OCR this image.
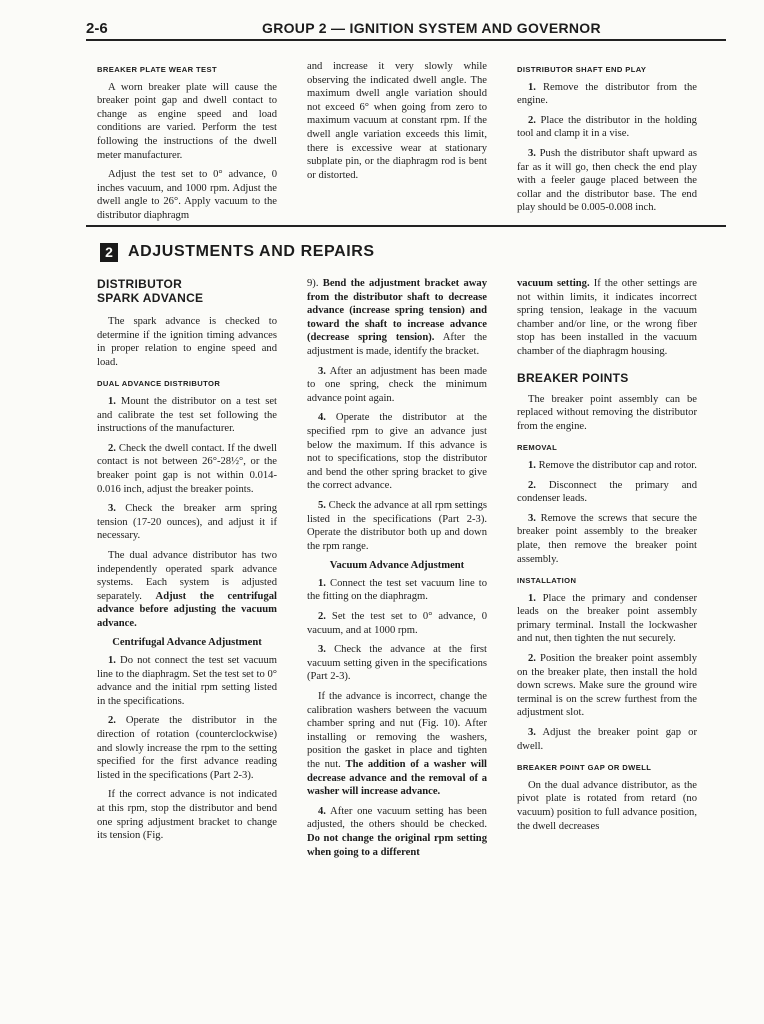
2-6	GROUP 2 — IGNITION SYSTEM AND GOVERNOR
BREAKER PLATE WEAR TEST

A worn breaker plate will cause the breaker point gap and dwell contact to change as engine speed and load conditions are varied. Perform the test following the instructions of the dwell meter manufacturer.

Adjust the test set to 0° advance, 0 inches vacuum, and 1000 rpm. Adjust the dwell angle to 26°. Apply vacuum to the distributor diaphragm

and increase it very slowly while observing the indicated dwell angle. The maximum dwell angle variation should not exceed 6° when going from zero to maximum vacuum at constant rpm. If the dwell angle variation exceeds this limit, there is excessive wear at stationary subplate pin, or the diaphragm rod is bent or distorted.

DISTRIBUTOR SHAFT END PLAY

1. Remove the distributor from the engine.

2. Place the distributor in the holding tool and clamp it in a vise.

3. Push the distributor shaft upward as far as it will go, then check the end play with a feeler gauge placed between the collar and the distributor base. The end play should be 0.005-0.008 inch.

2 ADJUSTMENTS AND REPAIRS
DISTRIBUTOR
SPARK ADVANCE

The spark advance is checked to determine if the ignition timing advances in proper relation to engine speed and load.

DUAL ADVANCE DISTRIBUTOR

1. Mount the distributor on a test set and calibrate the test set following the instructions of the manufacturer.

2. Check the dwell contact. If the dwell contact is not between 26°-28½°, or the breaker point gap is not within 0.014-0.016 inch, adjust the breaker points.

3. Check the breaker arm spring tension (17-20 ounces), and adjust it if necessary.

The dual advance distributor has two independently operated spark advance systems. Each system is adjusted separately. Adjust the centrifugal advance before adjusting the vacuum advance.

Centrifugal Advance Adjustment

1. Do not connect the test set vacuum line to the diaphragm. Set the test set to 0° advance and the initial rpm setting listed in the specifications.

2. Operate the distributor in the direction of rotation (counterclockwise) and slowly increase the rpm to the setting specified for the first advance reading listed in the specifications (Part 2-3).

If the correct advance is not indicated at this rpm, stop the distributor and bend one spring adjustment bracket to change its tension (Fig.

9). Bend the adjustment bracket away from the distributor shaft to decrease advance (increase spring tension) and toward the shaft to increase advance (decrease spring tension). After the adjustment is made, identify the bracket.

3. After an adjustment has been made to one spring, check the minimum advance point again.

4. Operate the distributor at the specified rpm to give an advance just below the maximum. If this advance is not to specifications, stop the distributor and bend the other spring bracket to give the correct advance.

5. Check the advance at all rpm settings listed in the specifications (Part 2-3). Operate the distributor both up and down the rpm range.

Vacuum Advance Adjustment

1. Connect the test set vacuum line to the fitting on the diaphragm.

2. Set the test set to 0° advance, 0 vacuum, and at 1000 rpm.

3. Check the advance at the first vacuum setting given in the specifications (Part 2-3).

If the advance is incorrect, change the calibration washers between the vacuum chamber spring and nut (Fig. 10). After installing or removing the washers, position the gasket in place and tighten the nut. The addition of a washer will decrease advance and the removal of a washer will increase advance.

4. After one vacuum setting has been adjusted, the others should be checked. Do not change the original rpm setting when going to a different

vacuum setting. If the other settings are not within limits, it indicates incorrect spring tension, leakage in the vacuum chamber and/or line, or the wrong fiber stop has been installed in the vacuum chamber of the diaphragm housing.

BREAKER POINTS

The breaker point assembly can be replaced without removing the distributor from the engine.

REMOVAL

1. Remove the distributor cap and rotor.

2. Disconnect the primary and condenser leads.

3. Remove the screws that secure the breaker point assembly to the breaker plate, then remove the breaker point assembly.

INSTALLATION

1. Place the primary and condenser leads on the breaker point assembly primary terminal. Install the lockwasher and nut, then tighten the nut securely.

2. Position the breaker point assembly on the breaker plate, then install the hold down screws. Make sure the ground wire terminal is on the screw furthest from the adjustment slot.

3. Adjust the breaker point gap or dwell.

BREAKER POINT GAP OR DWELL

On the dual advance distributor, as the pivot plate is rotated from retard (no vacuum) position to full advance position, the dwell decreases
